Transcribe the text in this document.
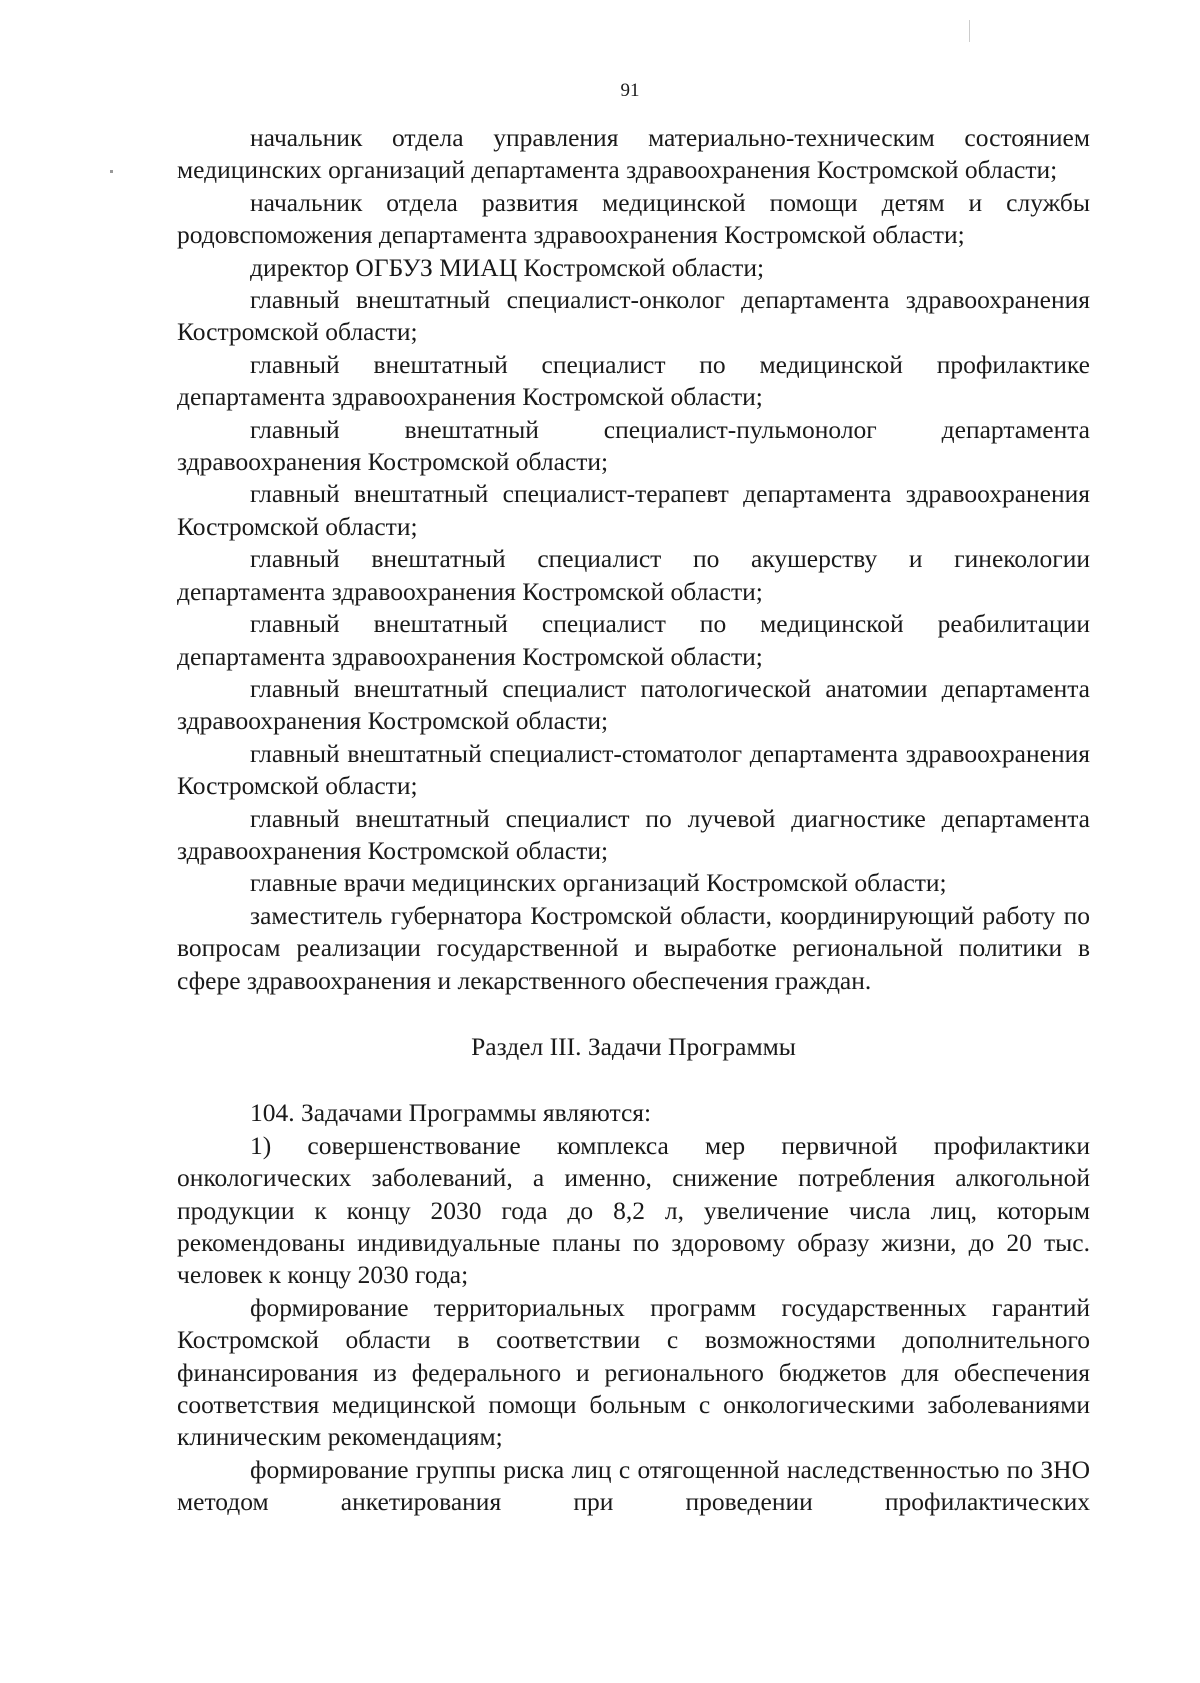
91

начальник отдела управления материально-техническим состоянием медицинских организаций департамента здравоохранения Костромской области;

начальник отдела развития медицинской помощи детям и службы родовспоможения департамента здравоохранения Костромской области;

директор ОГБУЗ МИАЦ Костромской области;

главный внештатный специалист-онколог департамента здравоохранения Костромской области;

главный внештатный специалист по медицинской профилактике департамента здравоохранения Костромской области;

главный внештатный специалист-пульмонолог департамента здравоохранения Костромской области;

главный внештатный специалист-терапевт департамента здравоохранения Костромской области;

главный внештатный специалист по акушерству и гинекологии департамента здравоохранения Костромской области;

главный внештатный специалист по медицинской реабилитации департамента здравоохранения Костромской области;

главный внештатный специалист патологической анатомии департамента здравоохранения Костромской области;

главный внештатный специалист-стоматолог департамента здравоохранения Костромской области;

главный внештатный специалист по лучевой диагностике департамента здравоохранения Костромской области;

главные врачи медицинских организаций Костромской области;

заместитель губернатора Костромской области, координирующий работу по вопросам реализации государственной и выработке региональной политики в сфере здравоохранения и лекарственного обеспечения граждан.

Раздел III. Задачи Программы

104. Задачами Программы являются:

1) совершенствование комплекса мер первичной профилактики онкологических заболеваний, а именно, снижение потребления алкогольной продукции к концу 2030 года до 8,2 л, увеличение числа лиц, которым рекомендованы индивидуальные планы по здоровому образу жизни, до 20 тыс. человек к концу 2030 года;

формирование территориальных программ государственных гарантий Костромской области в соответствии с возможностями дополнительного финансирования из федерального и регионального бюджетов для обеспечения соответствия медицинской помощи больным с онкологическими заболеваниями клиническим рекомендациям;

формирование группы риска лиц с отягощенной наследственностью по ЗНО методом анкетирования при проведении профилактических
